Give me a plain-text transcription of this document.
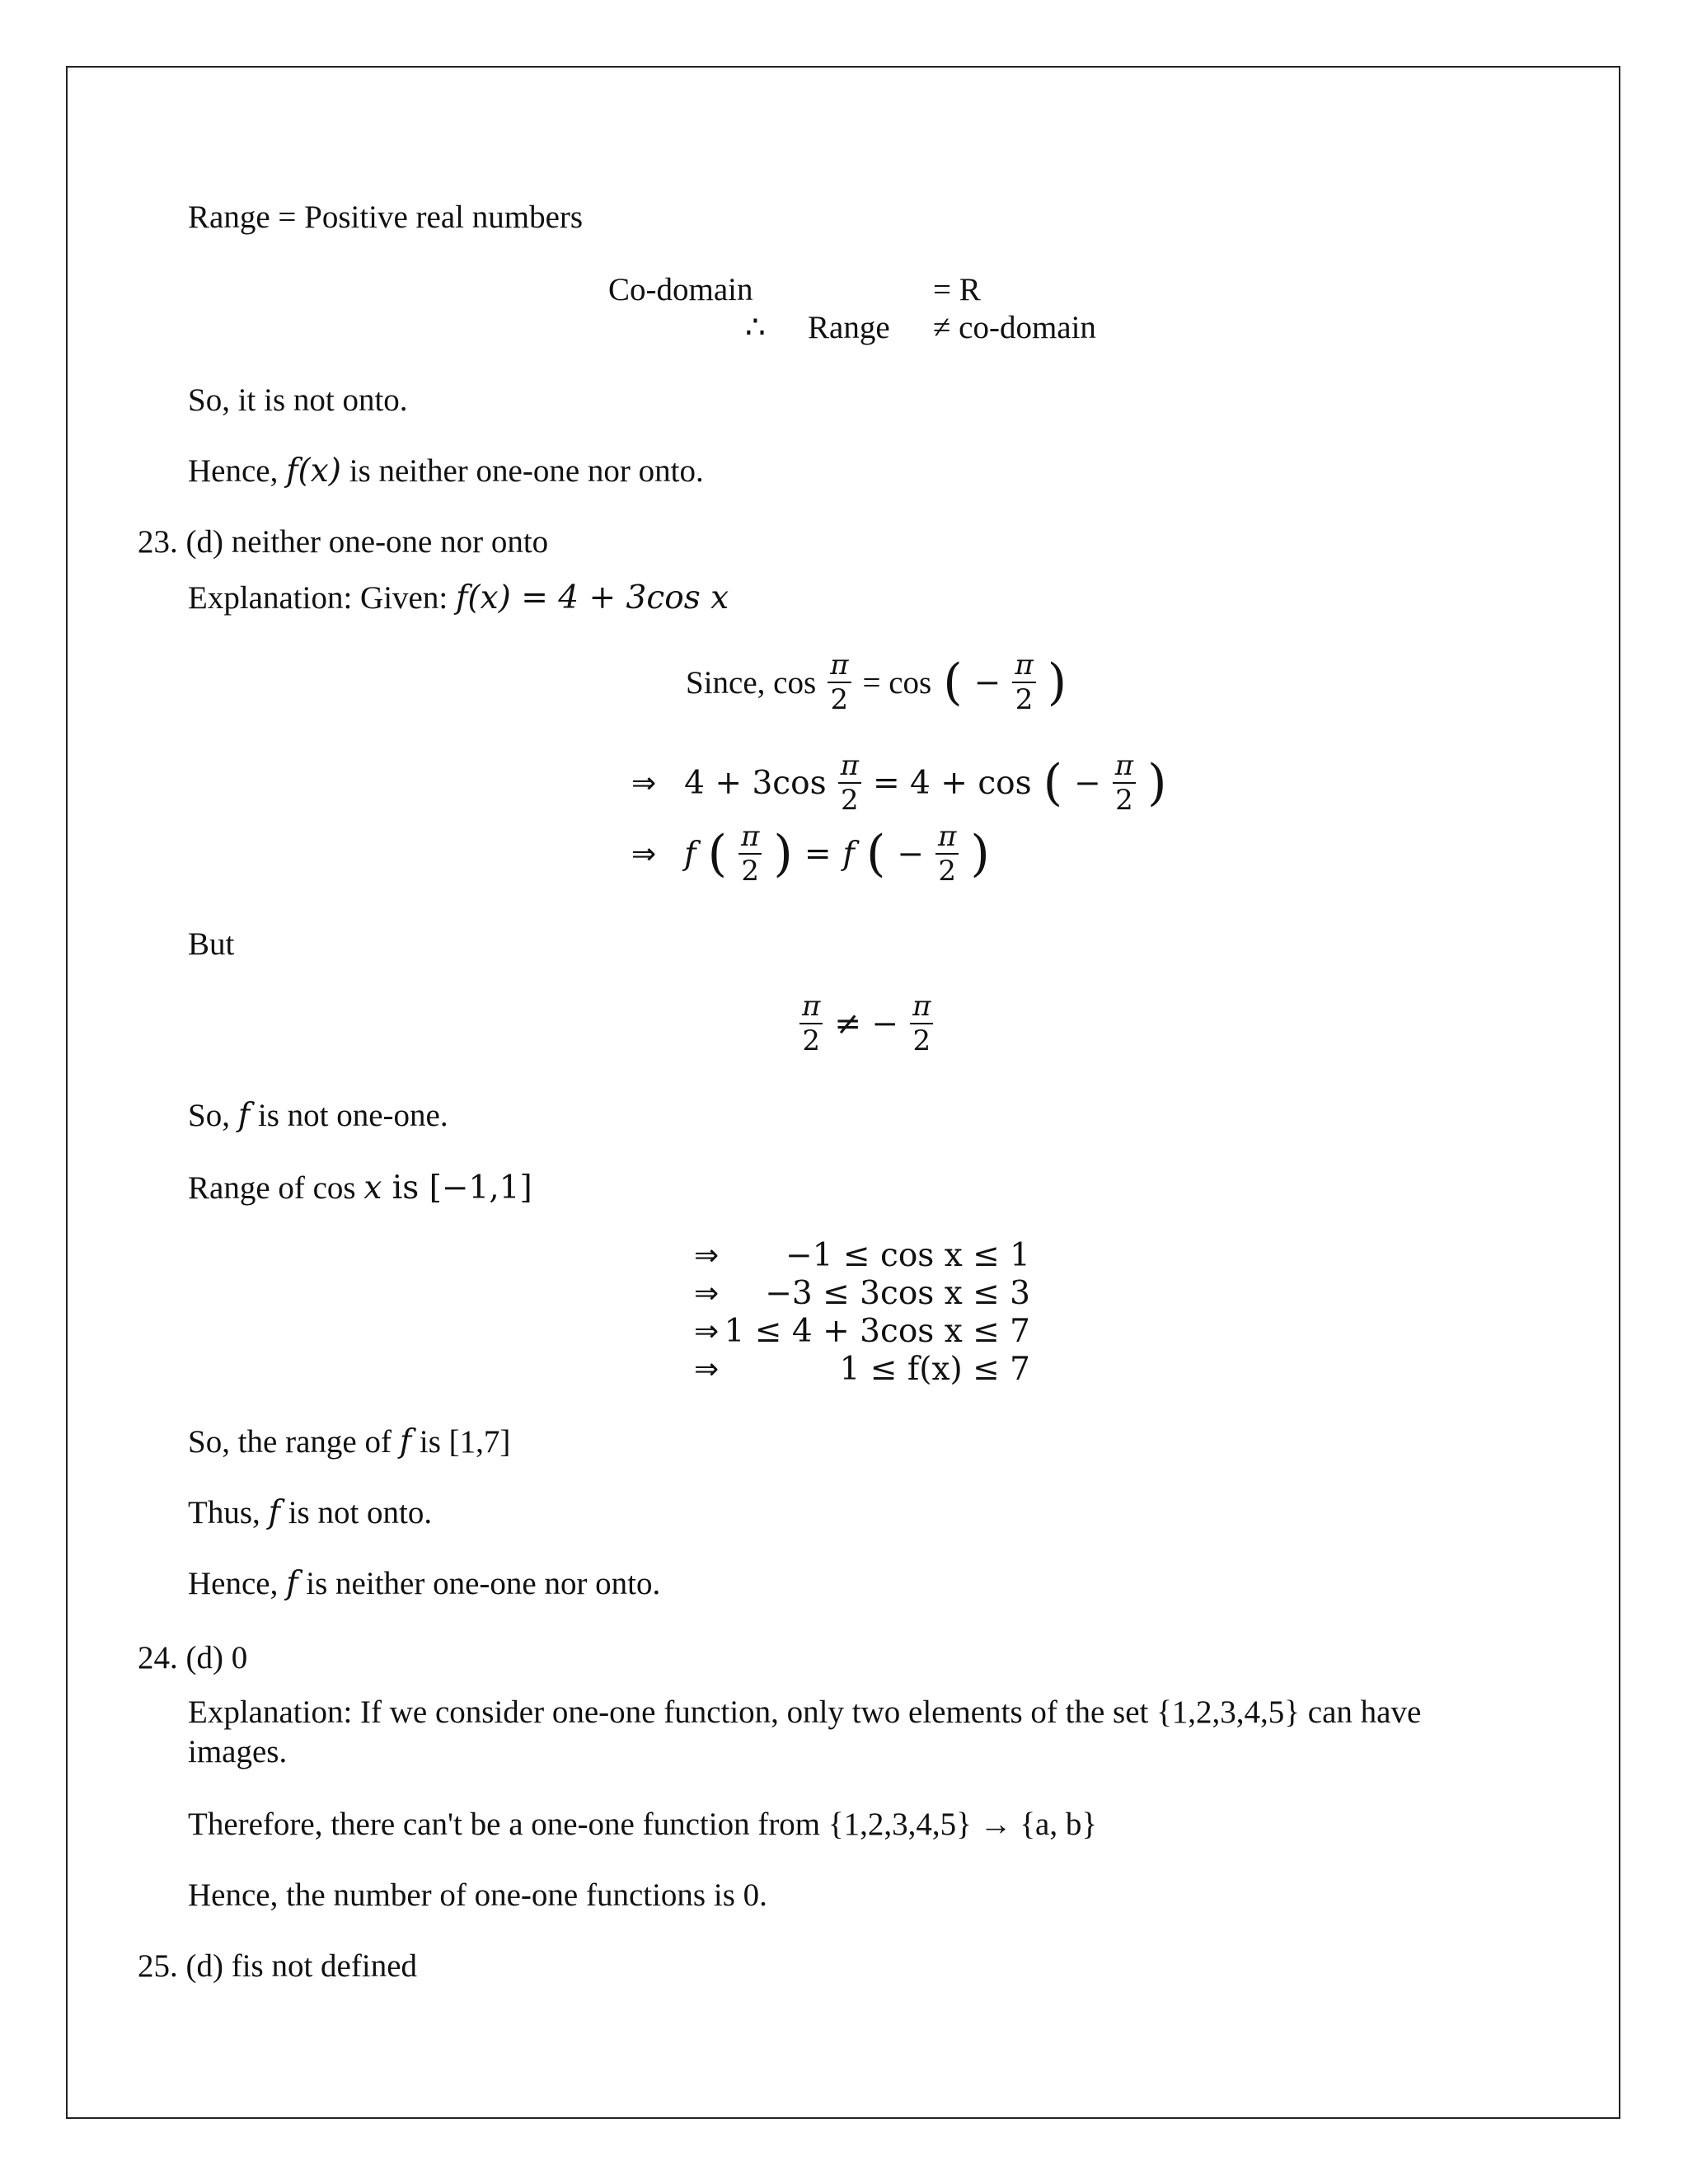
Range = Positive real numbers
Co-domain	= R
∴ Range ≠ co-domain
So, it is not onto.
Hence, f(x) is neither one-one nor onto.
23. (d) neither one-one nor onto
Explanation: Given: f(x) = 4 + 3cos x
Since, $\cos \frac{\pi}{2} = \cos$ ( − $\frac{\pi}{2}$ )
⇒ $4 + 3\cos \frac{\pi}{2} = 4 + \cos$ ( − $\frac{\pi}{2}$ )
⇒ f ( $\frac{\pi}{2}$ ) = f ( − $\frac{\pi}{2}$ )
But
$\frac{\pi}{2}$ ≠ − $\frac{\pi}{2}$
So, f is not one-one.
Range of cos x is [−1,1]
⇒ −1 ≤ cos x ≤ 1
⇒ −3 ≤ 3cos x ≤ 3
⇒ 1 ≤ 4 + 3cos x ≤ 7
⇒	1 ≤ f(x) ≤ 7
So, the range of f is [1,7]
Thus, f is not onto.
Hence, f is neither one-one nor onto.
24. (d) 0
Explanation: If we consider one-one function, only two elements of the set {1,2,3,4,5} can have images.
Therefore, there can't be a one-one function from {1,2,3,4,5} → {a, b}
Hence, the number of one-one functions is 0.
25. (d) fis not defined
